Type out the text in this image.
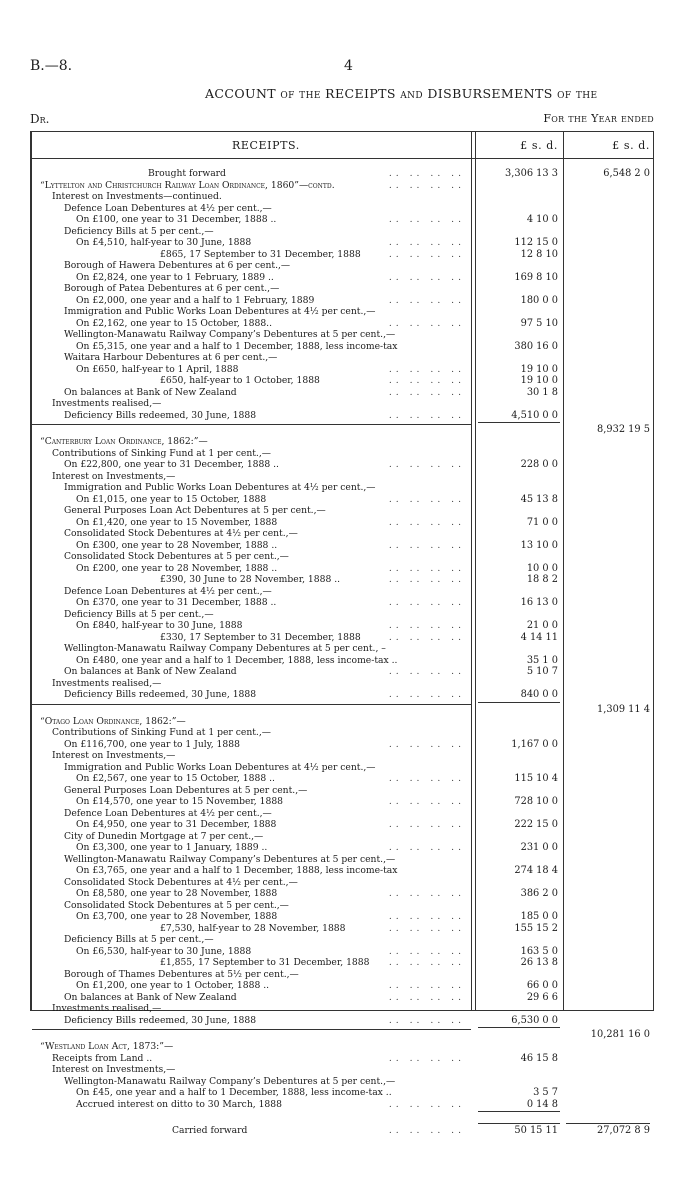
B.—8.	4
ACCOUNT of the RECEIPTS and DISBURSEMENTS of the
Dr.	For the Year ended
RECEIPTS.	£ s. d.	£ s. d.
Brought forward	.. .. .. ..	3,306 13 3	6,548 2 0
“Lyttelton and Christchurch Railway Loan Ordinance, 1860”—contd.	.. .. .. ..
Interest on Investments—continued.
Defence Loan Debentures at 4½ per cent.,—
On £100, one year to 31 December, 1888 ..	.. .. .. ..	4 10 0
Deficiency Bills at 5 per cent.,—
On £4,510, half-year to 30 June, 1888	.. .. .. ..	112 15 0
£865, 17 September to 31 December, 1888	.. .. .. ..	12 8 10
Borough of Hawera Debentures at 6 per cent.,—
On £2,824, one year to 1 February, 1889 ..	.. .. .. ..	169 8 10
Borough of Patea Debentures at 6 per cent.,—
On £2,000, one year and a half to 1 February, 1889	.. .. .. ..	180 0 0
Immigration and Public Works Loan Debentures at 4½ per cent.,—
On £2,162, one year to 15 October, 1888..	.. .. .. ..	97 5 10
Wellington-Manawatu Railway Company’s Debentures at 5 per cent.,—
On £5,315, one year and a half to 1 December, 1888, less income-tax	380 16 0
Waitara Harbour Debentures at 6 per cent.,—
On £650, half-year to 1 April, 1888	.. .. .. ..	19 10 0
£650, half-year to 1 October, 1888	.. .. .. ..	19 10 0
On balances at Bank of New Zealand	.. .. .. ..	30 1 8
Investments realised,—
Deficiency Bills redeemed, 30 June, 1888	.. .. .. ..	4,510 0 0
8,932 19 5
“Canterbury Loan Ordinance, 1862:”—
Contributions of Sinking Fund at 1 per cent.,—
On £22,800, one year to 31 December, 1888 ..	.. .. .. ..	228 0 0
Interest on Investments,—
Immigration and Public Works Loan Debentures at 4½ per cent.,—
On £1,015, one year to 15 October, 1888	.. .. .. ..	45 13 8
General Purposes Loan Act Debentures at 5 per cent.,—
On £1,420, one year to 15 November, 1888	.. .. .. ..	71 0 0
Consolidated Stock Debentures at 4½ per cent.,—
On £300, one year to 28 November, 1888 ..	.. .. .. ..	13 10 0
Consolidated Stock Debentures at 5 per cent.,—
On £200, one year to 28 November, 1888 ..	.. .. .. ..	10 0 0
£390, 30 June to 28 November, 1888 ..	.. .. .. ..	18 8 2
Defence Loan Debentures at 4½ per cent.,—
On £370, one year to 31 December, 1888 ..	.. .. .. ..	16 13 0
Deficiency Bills at 5 per cent.,—
On £840, half-year to 30 June, 1888	.. .. .. ..	21 0 0
£330, 17 September to 31 December, 1888	.. .. .. ..	4 14 11
Wellington-Manawatu Railway Company Debentures at 5 per cent., –
On £480, one year and a half to 1 December, 1888, less income-tax ..	35 1 0
On balances at Bank of New Zealand	.. .. .. ..	5 10 7
Investments realised,—
Deficiency Bills redeemed, 30 June, 1888	.. .. .. ..	840 0 0
1,309 11 4
“Otago Loan Ordinance, 1862:”—
Contributions of Sinking Fund at 1 per cent.,—
On £116,700, one year to 1 July, 1888	.. .. .. ..	1,167 0 0
Interest on Investments,—
Immigration and Public Works Loan Debentures at 4½ per cent.,—
On £2,567, one year to 15 October, 1888 ..	.. .. .. ..	115 10 4
General Purposes Loan Debentures at 5 per cent.,—
On £14,570, one year to 15 November, 1888	.. .. .. ..	728 10 0
Defence Loan Debentures at 4½ per cent.,—
On £4,950, one year to 31 December, 1888	.. .. .. ..	222 15 0
City of Dunedin Mortgage at 7 per cent.,—
On £3,300, one year to 1 January, 1889 ..	.. .. .. ..	231 0 0
Wellington-Manawatu Railway Company’s Debentures at 5 per cent.,—
On £3,765, one year and a half to 1 December, 1888, less income-tax	274 18 4
Consolidated Stock Debentures at 4½ per cent.,—
On £8,580, one year to 28 November, 1888	.. .. .. ..	386 2 0
Consolidated Stock Debentures at 5 per cent.,—
On £3,700, one year to 28 November, 1888	.. .. .. ..	185 0 0
£7,530, half-year to 28 November, 1888	.. .. .. ..	155 15 2
Deficiency Bills at 5 per cent.,—
On £6,530, half-year to 30 June, 1888	.. .. .. ..	163 5 0
£1,855, 17 September to 31 December, 1888 .. .. .. ..	26 13 8
Borough of Thames Debentures at 5½ per cent.,—
On £1,200, one year to 1 October, 1888 ..	.. .. .. ..	66 0 0
On balances at Bank of New Zealand	.. .. .. ..	29 6 6
Investments realised,—
Deficiency Bills redeemed, 30 June, 1888	.. .. .. ..	6,530 0 0
10,281 16 0
“Westland Loan Act, 1873:”—
Receipts from Land ..	.. .. .. ..	46 15 8
Interest on Investments,—
Wellington-Manawatu Railway Company’s Debentures at 5 per cent.,—
On £45, one year and a half to 1 December, 1888, less income-tax ..	3 5 7
Accrued interest on ditto to 30 March, 1888	.. .. .. ..	0 14 8
Carried forward	.. .. .. ..	50 15 11	27,072 8 9
